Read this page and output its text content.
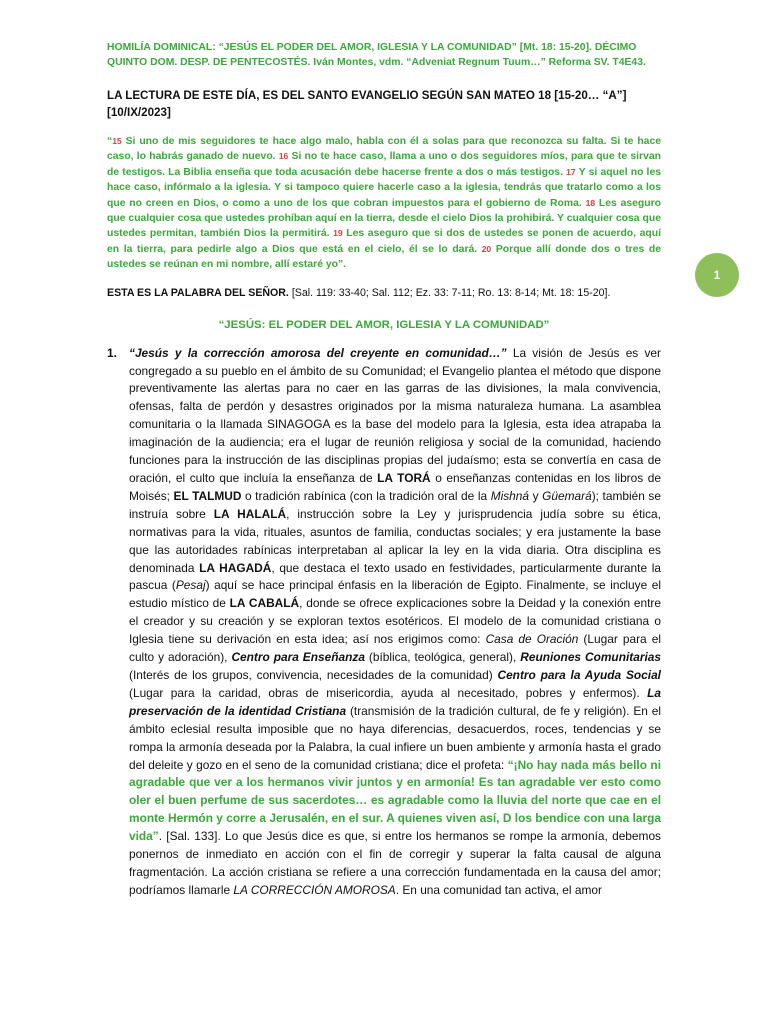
HOMILÍA DOMINICAL: “JESÚS EL PODER DEL AMOR, IGLESIA Y LA COMUNIDAD” [Mt. 18: 15-20]. DÉCIMO QUINTO DOM. DESP. DE PENTECOSTÉS. Iván Montes, vdm. “Adveniat Regnum Tuum…” Reforma SV. T4E43.
LA LECTURA DE ESTE DÍA, ES DEL SANTO EVANGELIO SEGÚN SAN MATEO 18 [15-20… “A”] [10/IX/2023]
“15 Si uno de mis seguidores te hace algo malo, habla con él a solas para que reconozca su falta. Si te hace caso, lo habrás ganado de nuevo. 16 Si no te hace caso, llama a uno o dos seguidores míos, para que te sirvan de testigos. La Biblia enseña que toda acusación debe hacerse frente a dos o más testigos. 17 Y si aquel no les hace caso, infórmalo a la iglesia. Y si tampoco quiere hacerle caso a la iglesia, tendrás que tratarlo como a los que no creen en Dios, o como a uno de los que cobran impuestos para el gobierno de Roma. 18 Les aseguro que cualquier cosa que ustedes prohíban aquí en la tierra, desde el cielo Dios la prohibirá. Y cualquier cosa que ustedes permitan, también Dios la permitirá. 19 Les aseguro que si dos de ustedes se ponen de acuerdo, aquí en la tierra, para pedirle algo a Dios que está en el cielo, él se lo dará. 20 Porque allí donde dos o tres de ustedes se reúnan en mi nombre, allí estaré yo”.
ESTA ES LA PALABRA DEL SEÑOR. [Sal. 119: 33-40; Sal. 112; Ez. 33: 7-11; Ro. 13: 8-14; Mt. 18: 15-20].
“JESÚS: EL PODER DEL AMOR, IGLESIA Y LA COMUNIDAD”
1. “Jesús y la corrección amorosa del creyente en comunidad…” La visión de Jesús es ver congregado a su pueblo en el ámbito de su Comunidad; el Evangelio plantea el método que dispone preventivamente las alertas para no caer en las garras de las divisiones, la mala convivencia, ofensas, falta de perdón y desastres originados por la misma naturaleza humana. La asamblea comunitaria o la llamada SINAGOGA es la base del modelo para la Iglesia, esta idea atrapaba la imaginación de la audiencia; era el lugar de reunión religiosa y social de la comunidad, haciendo funciones para la instrucción de las disciplinas propias del judaísmo; esta se convertía en casa de oración, el culto que incluía la enseñanza de LA TORÁ o enseñanzas contenidas en los libros de Moisés; EL TALMUD o tradición rabínica (con la tradición oral de la Mishná y Güemará); también se instruía sobre LA HALALÁ, instrucción sobre la Ley y jurisprudencia judía sobre su ética, normativas para la vida, rituales, asuntos de familia, conductas sociales; y era justamente la base que las autoridades rabínicas interpretaban al aplicar la ley en la vida diaria. Otra disciplina es denominada LA HAGADÁ, que destaca el texto usado en festividades, particularmente durante la pascua (Pesaj) aquí se hace principal énfasis en la liberación de Egipto. Finalmente, se incluye el estudio místico de LA CABALÁ, donde se ofrece explicaciones sobre la Deidad y la conexión entre el creador y su creación y se exploran textos esotéricos. El modelo de la comunidad cristiana o Iglesia tiene su derivación en esta idea; así nos erigimos como: Casa de Oración (Lugar para el culto y adoración), Centro para Enseñanza (bíblica, teológica, general), Reuniones Comunitarias (Interés de los grupos, convivencia, necesidades de la comunidad) Centro para la Ayuda Social (Lugar para la caridad, obras de misericordia, ayuda al necesitado, pobres y enfermos). La preservación de la identidad Cristiana (transmisión de la tradición cultural, de fe y religión). En el ámbito eclesial resulta imposible que no haya diferencias, desacuerdos, roces, tendencias y se rompa la armonía deseada por la Palabra, la cual infiere un buen ambiente y armonía hasta el grado del deleite y gozo en el seno de la comunidad cristiana; dice el profeta: “¡No hay nada más bello ni agradable que ver a los hermanos vivir juntos y en armonía! Es tan agradable ver esto como oler el buen perfume de sus sacerdotes… es agradable como la lluvia del norte que cae en el monte Hermón y corre a Jerusalén, en el sur. A quienes viven así, D los bendice con una larga vida”. [Sal. 133]. Lo que Jesús dice es que, si entre los hermanos se rompe la armonía, debemos ponernos de inmediato en acción con el fin de corregir y superar la falta causal de alguna fragmentación. La acción cristiana se refiere a una corrección fundamentada en la causa del amor; podríamos llamarle LA CORRECCIÓN AMOROSA. En una comunidad tan activa, el amor
1
